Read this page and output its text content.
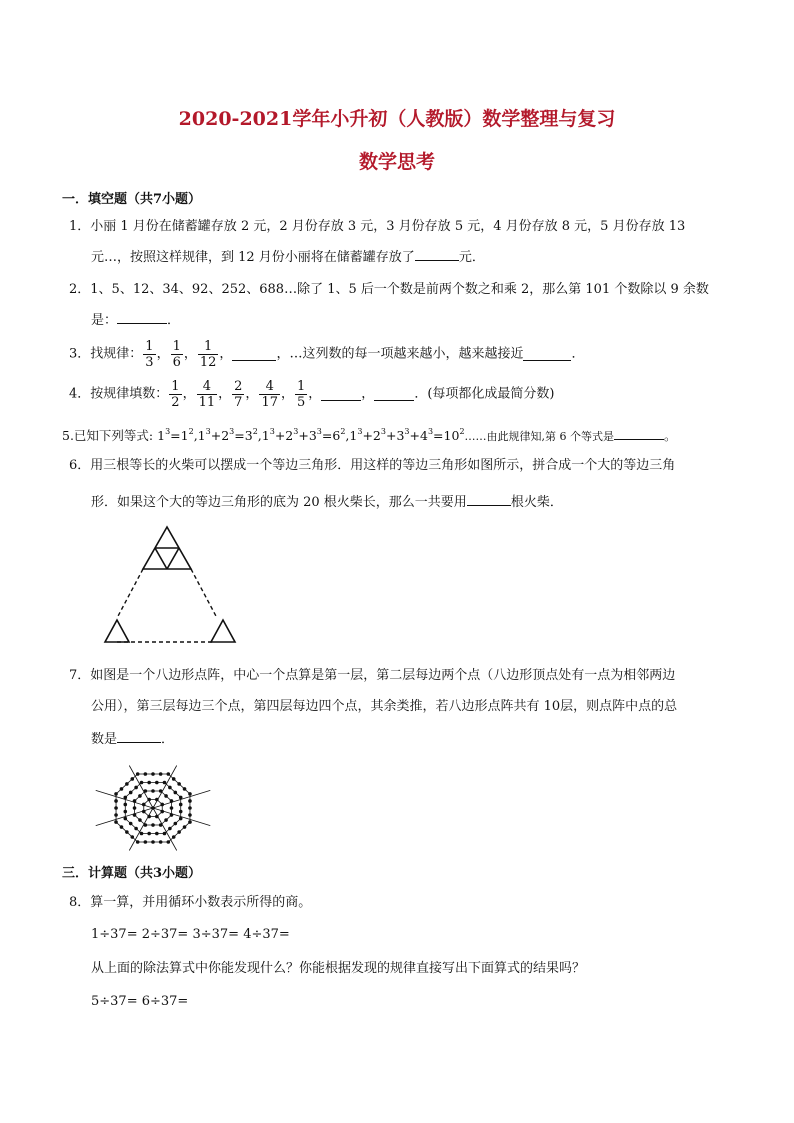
2020-2021学年小升初（人教版）数学整理与复习
数学思考
一．填空题（共7小题）
1．小丽 1 月份在储蓄罐存放 2 元，2 月份存放 3 元，3 月份存放 5 元，4 月份存放 8 元，5 月份存放 13
元…，按照这样规律，到 12 月份小丽将在储蓄罐存放了	元．
2．1、5、12、34、92、252、688…除了 1、5 后一个数是前两个数之和乘 2，那么第 101 个数除以 9 余数
是：	．
3．找规律： $\frac{1}{3}$ ， $\frac{1}{6}$ ， $\frac{1}{12}$ ，	，…这列数的每一项越来越小，越来越接近	．
4．按规律填数： $\frac{1}{2}$ ， $\frac{4}{11}$ ， $\frac{2}{7}$ ， $\frac{4}{17}$ ， $\frac{1}{5}$ ，	，	．(每项都化成最简分数)
5.已知下列等式: $1^3=1^2,1^3+2^3=3^2,1^3+2^3+3^3=6^2,1^3+2^3+3^3+4^3=10^2\dots\dots$由此规律知,第 6 个等式是	。
6．用三根等长的火柴可以摆成一个等边三角形．用这样的等边三角形如图所示，拼合成一个大的等边三角
形．如果这个大的等边三角形的底为 20 根火柴长，那么一共要用	根火柴．
7．如图是一个八边形点阵，中心一个点算是第一层，第二层每边两个点（八边形顶点处有一点为相邻两边
公用），第三层每边三个点，第四层每边四个点，其余类推，若八边形点阵共有 10层，则点阵中点的总
数是	．
三．计算题（共3小题）
8．算一算，并用循环小数表示所得的商。
1÷37= 2÷37= 3÷37= 4÷37=
从上面的除法算式中你能发现什么？你能根据发现的规律直接写出下面算式的结果吗？
5÷37= 6÷37=
